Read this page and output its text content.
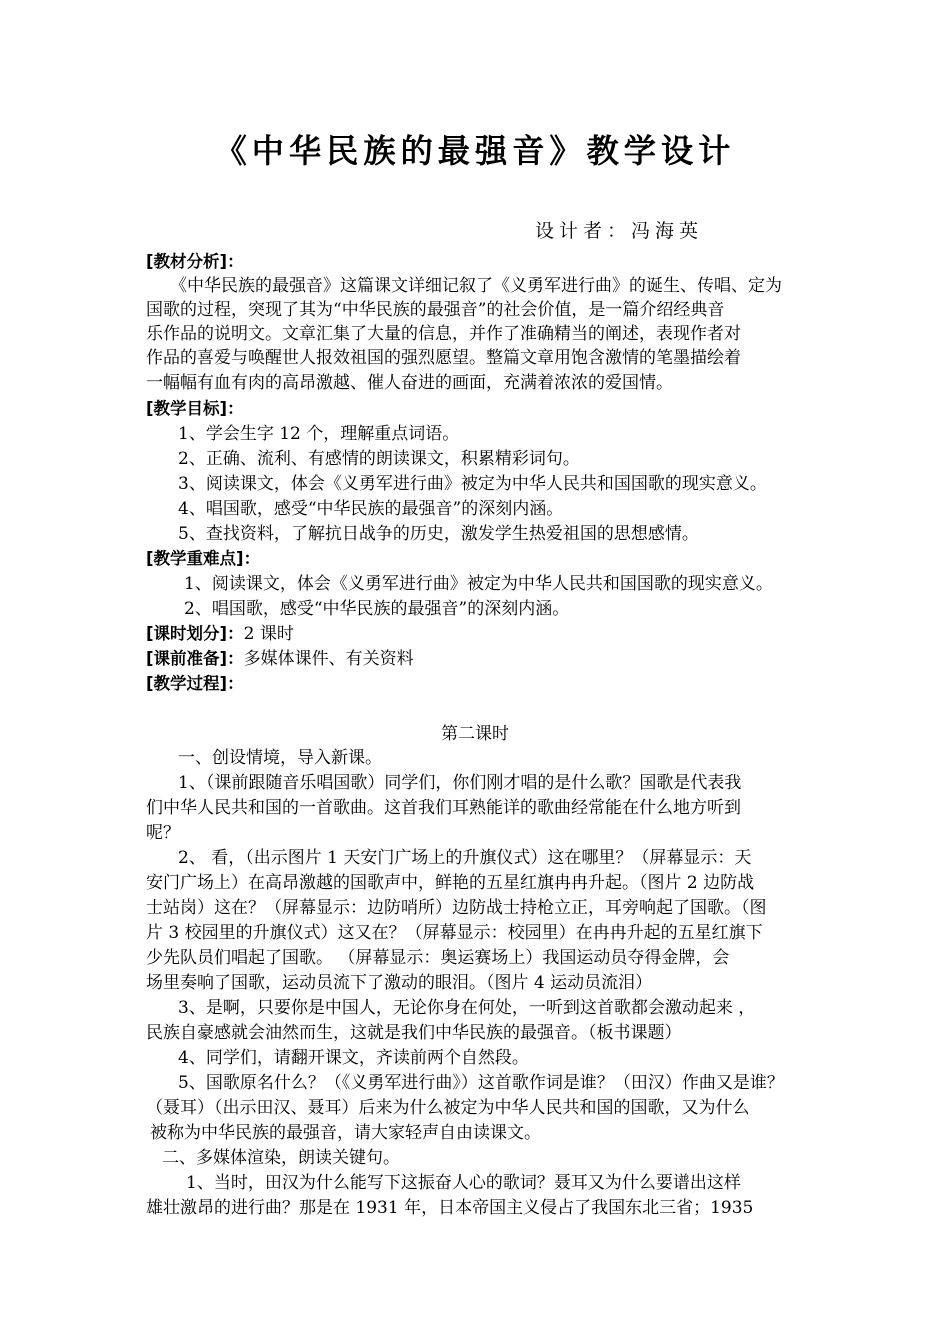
《中华民族的最强音》教学设计
设计者：冯海英
[教材分析]：
《中华民族的最强音》这篇课文详细记叙了《义勇军进行曲》的诞生、传唱、定为
国歌的过程，突现了其为“中华民族的最强音”的社会价值，是一篇介绍经典音
乐作品的说明文。文章汇集了大量的信息，并作了准确精当的阐述，表现作者对
作品的喜爱与唤醒世人报效祖国的强烈愿望。整篇文章用饱含激情的笔墨描绘着
一幅幅有血有肉的高昂激越、催人奋进的画面，充满着浓浓的爱国情。
[教学目标]：
1、学会生字 12 个，理解重点词语。
2、正确、流利、有感情的朗读课文，积累精彩词句。
3、阅读课文，体会《义勇军进行曲》被定为中华人民共和国国歌的现实意义。
4、唱国歌，感受“中华民族的最强音”的深刻内涵。
5、查找资料，了解抗日战争的历史，激发学生热爱祖国的思想感情。
[教学重难点]：
1、阅读课文，体会《义勇军进行曲》被定为中华人民共和国国歌的现实意义。
2、唱国歌，感受“中华民族的最强音”的深刻内涵。
[课时划分]：2 课时
[课前准备]：多媒体课件、有关资料
[教学过程]：
第二课时
一、创设情境，导入新课。
1、（课前跟随音乐唱国歌）同学们，你们刚才唱的是什么歌？国歌是代表我
们中华人民共和国的一首歌曲。这首我们耳熟能详的歌曲经常能在什么地方听到
呢？
2、 看，（出示图片 1 天安门广场上的升旗仪式）这在哪里？（屏幕显示：天
安门广场上）在高昂激越的国歌声中，鲜艳的五星红旗冉冉升起。（图片 2 边防战
士站岗）这在？（屏幕显示：边防哨所）边防战士持枪立正，耳旁响起了国歌。（图
片 3 校园里的升旗仪式）这又在？（屏幕显示：校园里）在冉冉升起的五星红旗下
少先队员们唱起了国歌。 （屏幕显示：奥运赛场上）我国运动员夺得金牌，会
场里奏响了国歌，运动员流下了激动的眼泪。（图片 4 运动员流泪）
3、是啊，只要你是中国人，无论你身在何处，一听到这首歌都会激动起来 ，
民族自豪感就会油然而生，这就是我们中华民族的最强音。（板书课题）
4、同学们，请翻开课文，齐读前两个自然段。
5、国歌原名什么？（《义勇军进行曲》）这首歌作词是谁？（田汉）作曲又是谁？
（聂耳）（出示田汉、聂耳）后来为什么被定为中华人民共和国的国歌，又为什么
被称为中华民族的最强音，请大家轻声自由读课文。
二、多媒体渲染，朗读关键句。
1、当时，田汉为什么能写下这振奋人心的歌词？聂耳又为什么要谱出这样
雄壮激昂的进行曲？那是在 1931 年，日本帝国主义侵占了我国东北三省；1935
